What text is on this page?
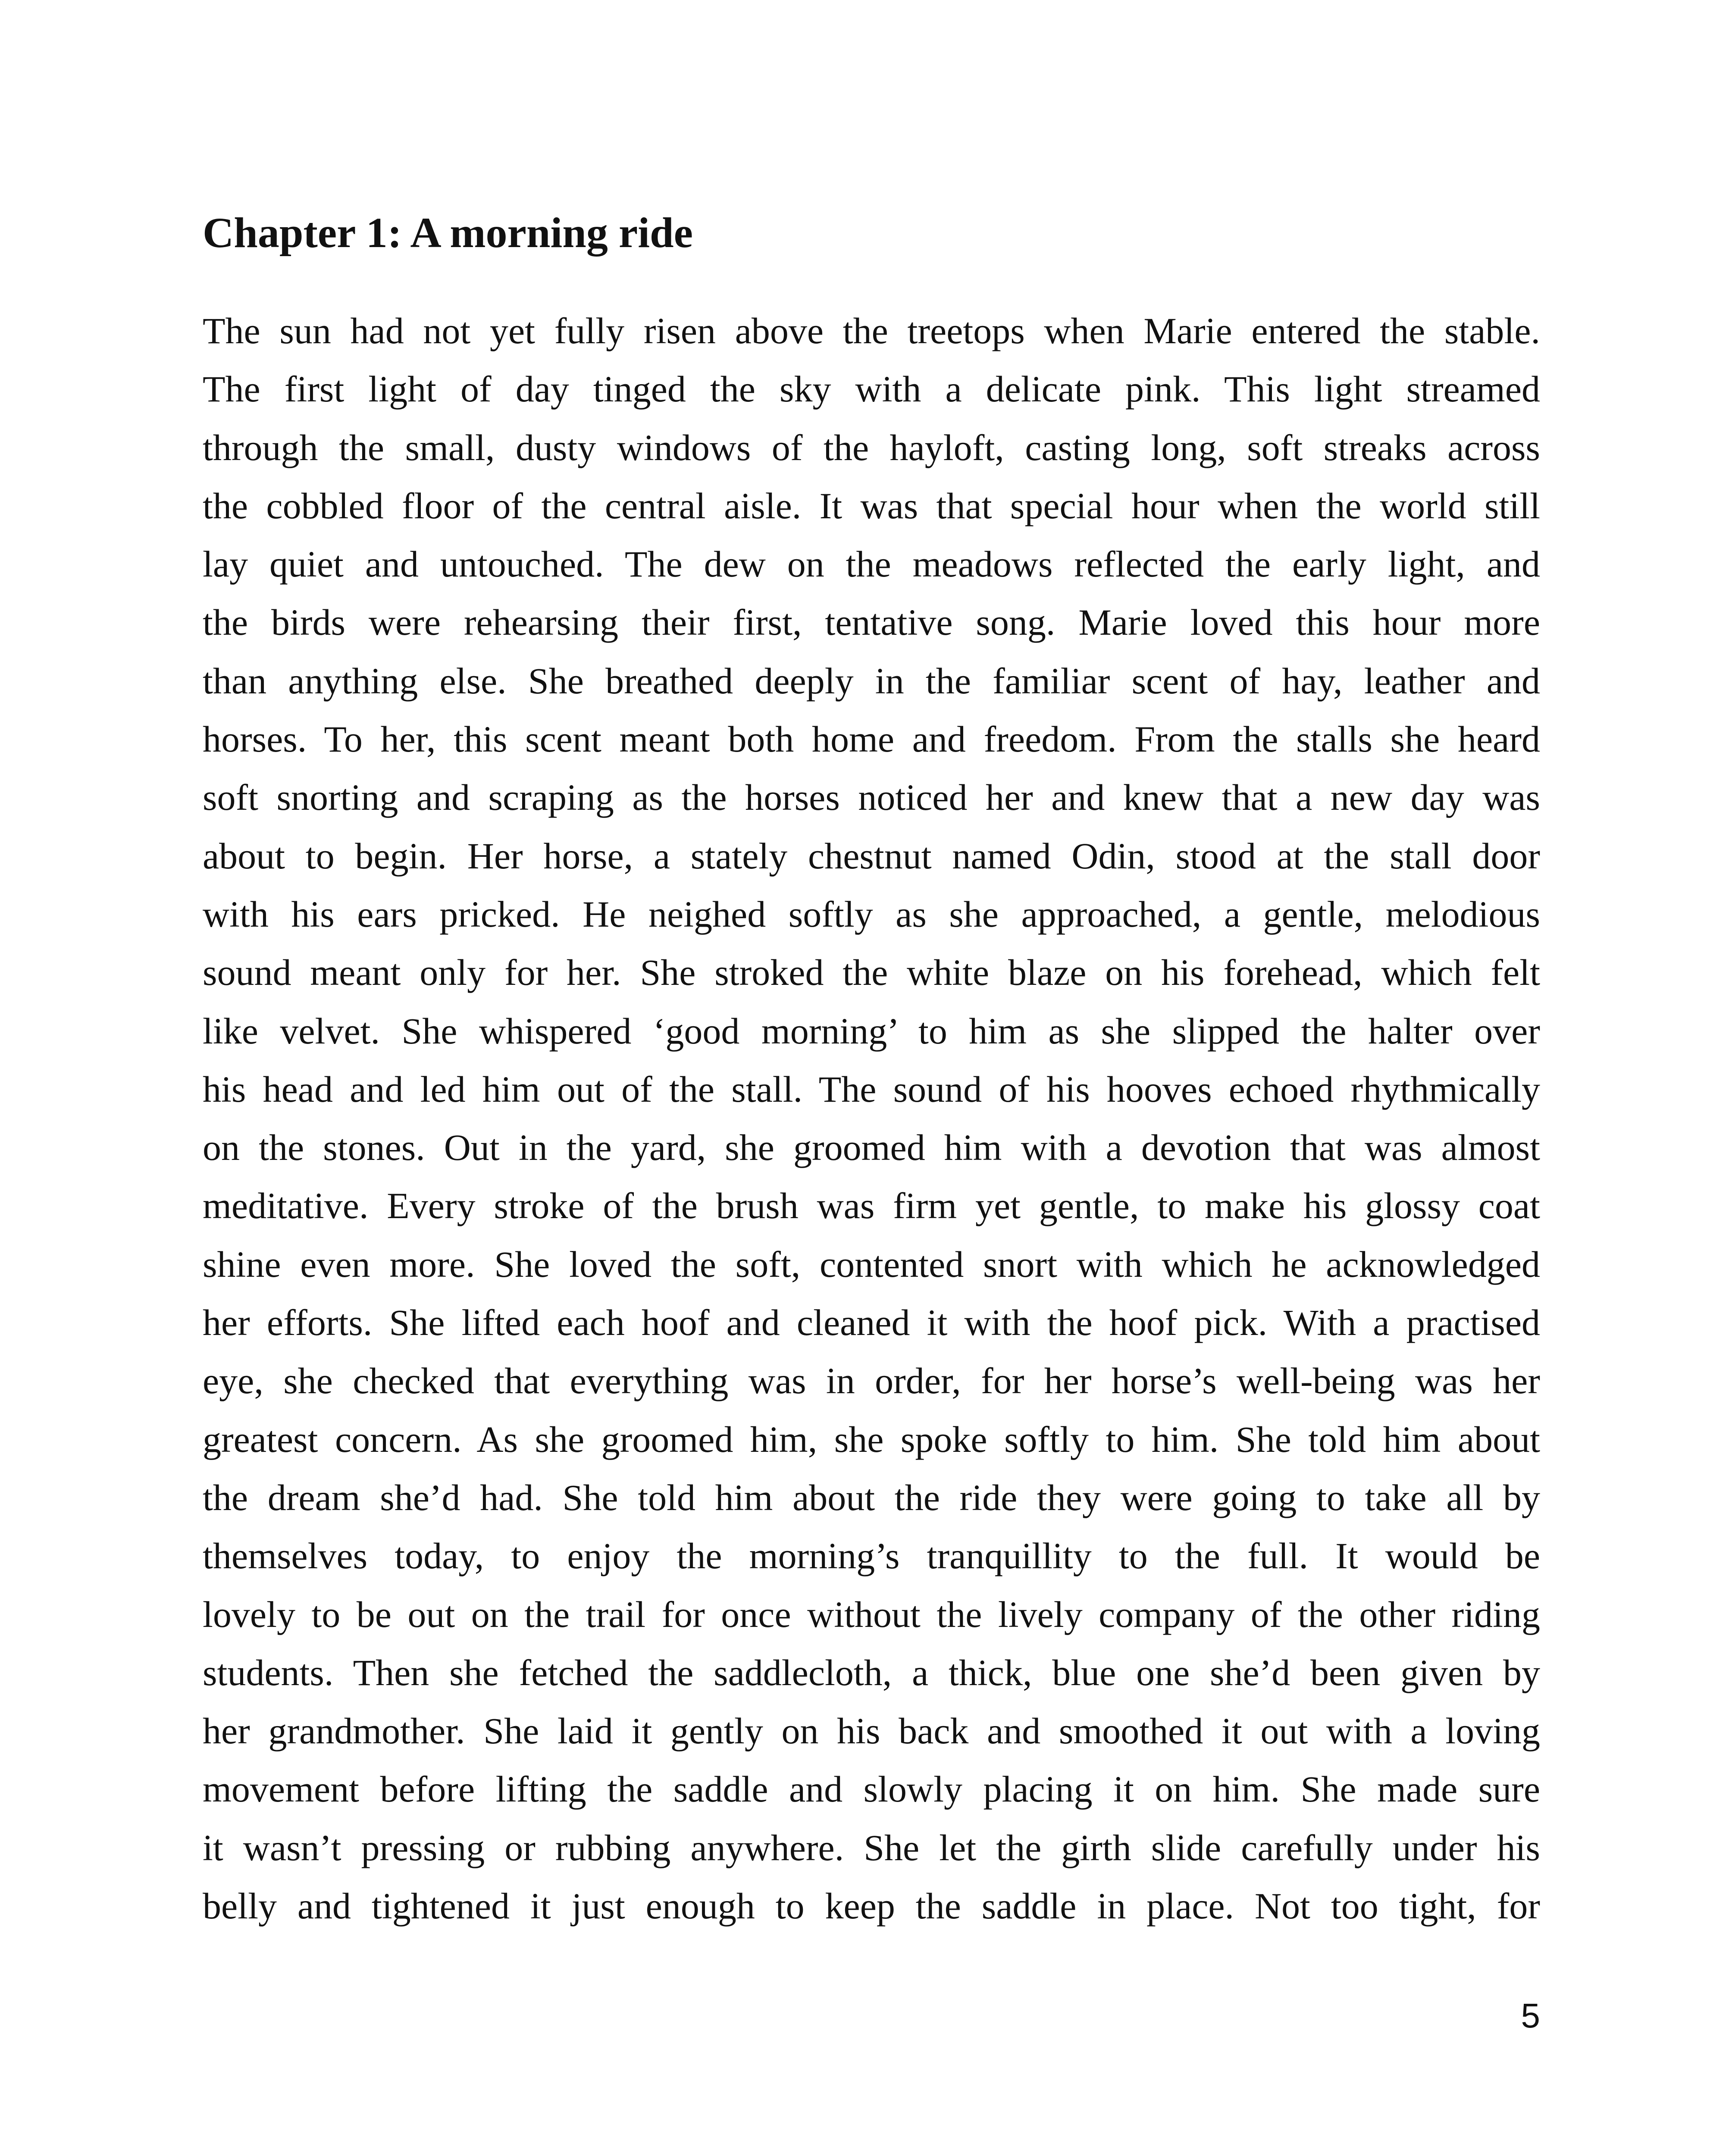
Chapter 1: A morning ride
The sun had not yet fully risen above the treetops when Marie entered the stable.
The first light of day tinged the sky with a delicate pink. This light streamed
through the small, dusty windows of the hayloft, casting long, soft streaks across
the cobbled floor of the central aisle. It was that special hour when the world still
lay quiet and untouched. The dew on the meadows reflected the early light, and
the birds were rehearsing their first, tentative song. Marie loved this hour more
than anything else. She breathed deeply in the familiar scent of hay, leather and
horses. To her, this scent meant both home and freedom. From the stalls she heard
soft snorting and scraping as the horses noticed her and knew that a new day was
about to begin. Her horse, a stately chestnut named Odin, stood at the stall door
with his ears pricked. He neighed softly as she approached, a gentle, melodious
sound meant only for her. She stroked the white blaze on his forehead, which felt
like velvet. She whispered ‘good morning’ to him as she slipped the halter over
his head and led him out of the stall. The sound of his hooves echoed rhythmically
on the stones. Out in the yard, she groomed him with a devotion that was almost
meditative. Every stroke of the brush was firm yet gentle, to make his glossy coat
shine even more. She loved the soft, contented snort with which he acknowledged
her efforts. She lifted each hoof and cleaned it with the hoof pick. With a practised
eye, she checked that everything was in order, for her horse’s well-being was her
greatest concern. As she groomed him, she spoke softly to him. She told him about
the dream she’d had. She told him about the ride they were going to take all by
themselves today, to enjoy the morning’s tranquillity to the full. It would be
lovely to be out on the trail for once without the lively company of the other riding
students. Then she fetched the saddlecloth, a thick, blue one she’d been given by
her grandmother. She laid it gently on his back and smoothed it out with a loving
movement before lifting the saddle and slowly placing it on him. She made sure
it wasn’t pressing or rubbing anywhere. She let the girth slide carefully under his
belly and tightened it just enough to keep the saddle in place. Not too tight, for
5
